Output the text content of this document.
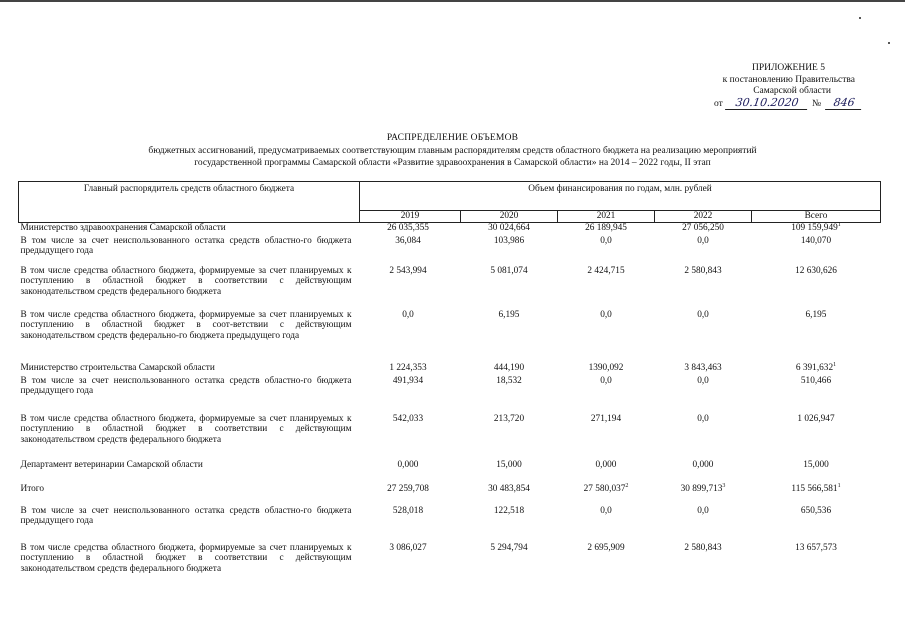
ПРИЛОЖЕНИЕ 5
к постановлению Правительства
Самарской области
от	30.10.2020	№	846
РАСПРЕДЕЛЕНИЕ ОБЪЕМОВ
бюджетных ассигнований, предусматриваемых соответствующим главным распорядителям средств областного бюджета на реализацию мероприятий
государственной программы Самарской области «Развитие здравоохранения в Самарской области» на 2014 – 2022 годы, II этап
Главный распорядитель средств областного бюджета	Объем финансирования по годам, млн. рублей				
	2019	2020	2021	2022	Всего
Министерство здравоохранения Самарской области	26 035,355	30 024,664	26 189,945	27 056,250	109 159,949$^1$
В том числе за счет неиспользованного остатка средств областно-го бюджета предыдущего года	36,084	103,986	0,0	0,0	140,070
В том числе средства областного бюджета, формируемые за счет планируемых к поступлению в областной бюджет в соответствии с действующим законодательством средств федерального бюджета	2 543,994	5 081,074	2 424,715	2 580,843	12 630,626
В том числе средства областного бюджета, формируемые за счет планируемых к поступлению в областной бюджет в соот-ветствии с действующим законодательством средств федерально-го бюджета предыдущего года	0,0	6,195	0,0	0,0	6,195
Министерство строительства Самарской области	1 224,353	444,190	1390,092	3 843,463	6 391,632$^1$
В том числе за счет неиспользованного остатка средств областно-го бюджета предыдущего года	491,934	18,532	0,0	0,0	510,466
В том числе средства областного бюджета, формируемые за счет планируемых к поступлению в областной бюджет в соответствии с действующим законодательством средств федерального бюджета	542,033	213,720	271,194	0,0	1 026,947
Департамент ветеринарии Самарской области	0,000	15,000	0,000	0,000	15,000
Итого	27 259,708	30 483,854	27 580,037$^2$	30 899,713$^3$	115 566,581$^1$
В том числе за счет неиспользованного остатка средств областно-го бюджета предыдущего года	528,018	122,518	0,0	0,0	650,536
В том числе средства областного бюджета, формируемые за счет планируемых к поступлению в областной бюджет в соответствии с действующим законодательством средств федерального бюджета	3 086,027	5 294,794	2 695,909	2 580,843	13 657,573
